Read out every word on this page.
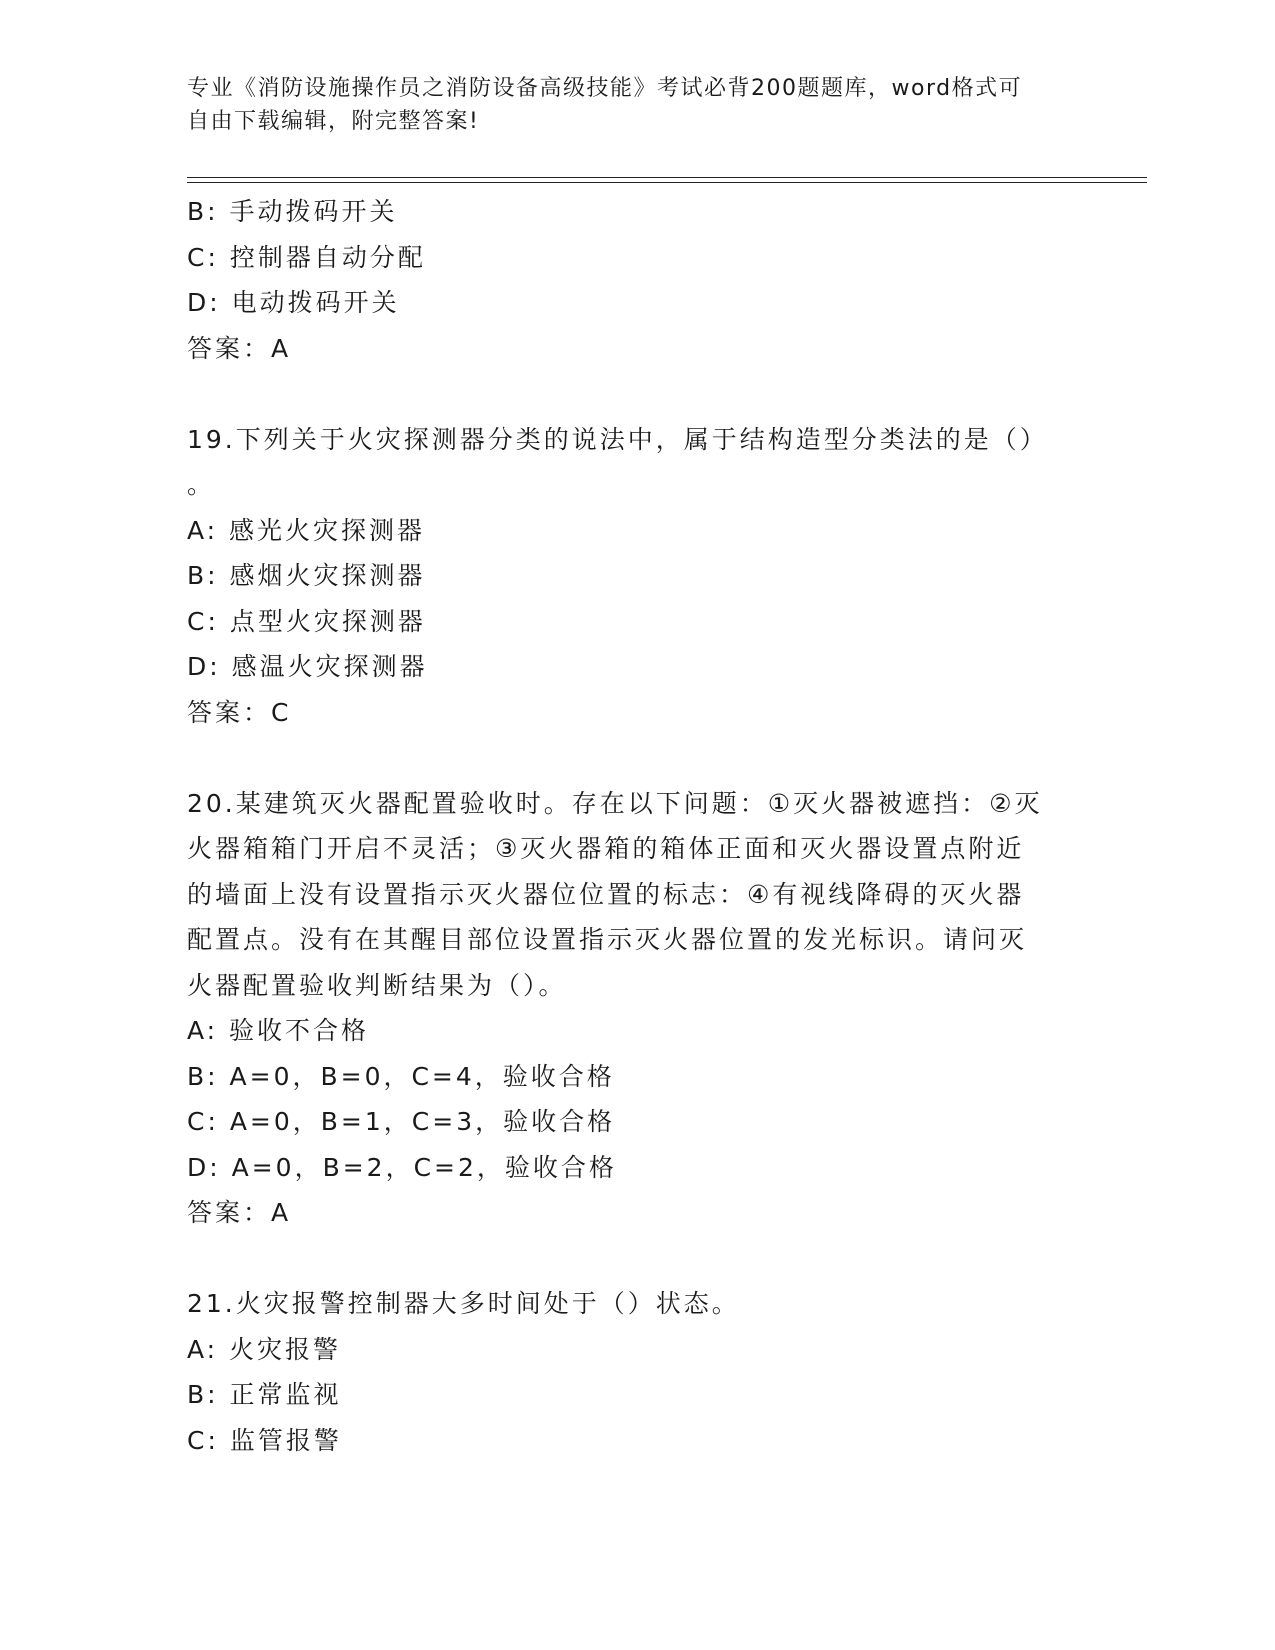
专业《消防设施操作员之消防设备高级技能》考试必背200题题库，word格式可

自由下载编辑，附完整答案!

B: 手动拨码开关
C: 控制器自动分配
D: 电动拨码开关
答案：A
19.下列关于火灾探测器分类的说法中，属于结构造型分类法的是（）
。
A: 感光火灾探测器
B: 感烟火灾探测器
C: 点型火灾探测器
D: 感温火灾探测器
答案：C
20.某建筑灭火器配置验收时。存在以下问题：①灭火器被遮挡：②灭
火器箱箱门开启不灵活；③灭火器箱的箱体正面和灭火器设置点附近
的墙面上没有设置指示灭火器位位置的标志：④有视线降碍的灭火器
配置点。没有在其醒目部位设置指示灭火器位置的发光标识。请问灭
火器配置验收判断结果为（）。
A: 验收不合格
B: A=0，B=0，C=4，验收合格
C: A=0，B=1，C=3，验收合格
D: A=0，B=2，C=2，验收合格
答案：A
21.火灾报警控制器大多时间处于（）状态。
A: 火灾报警
B: 正常监视
C: 监管报警
